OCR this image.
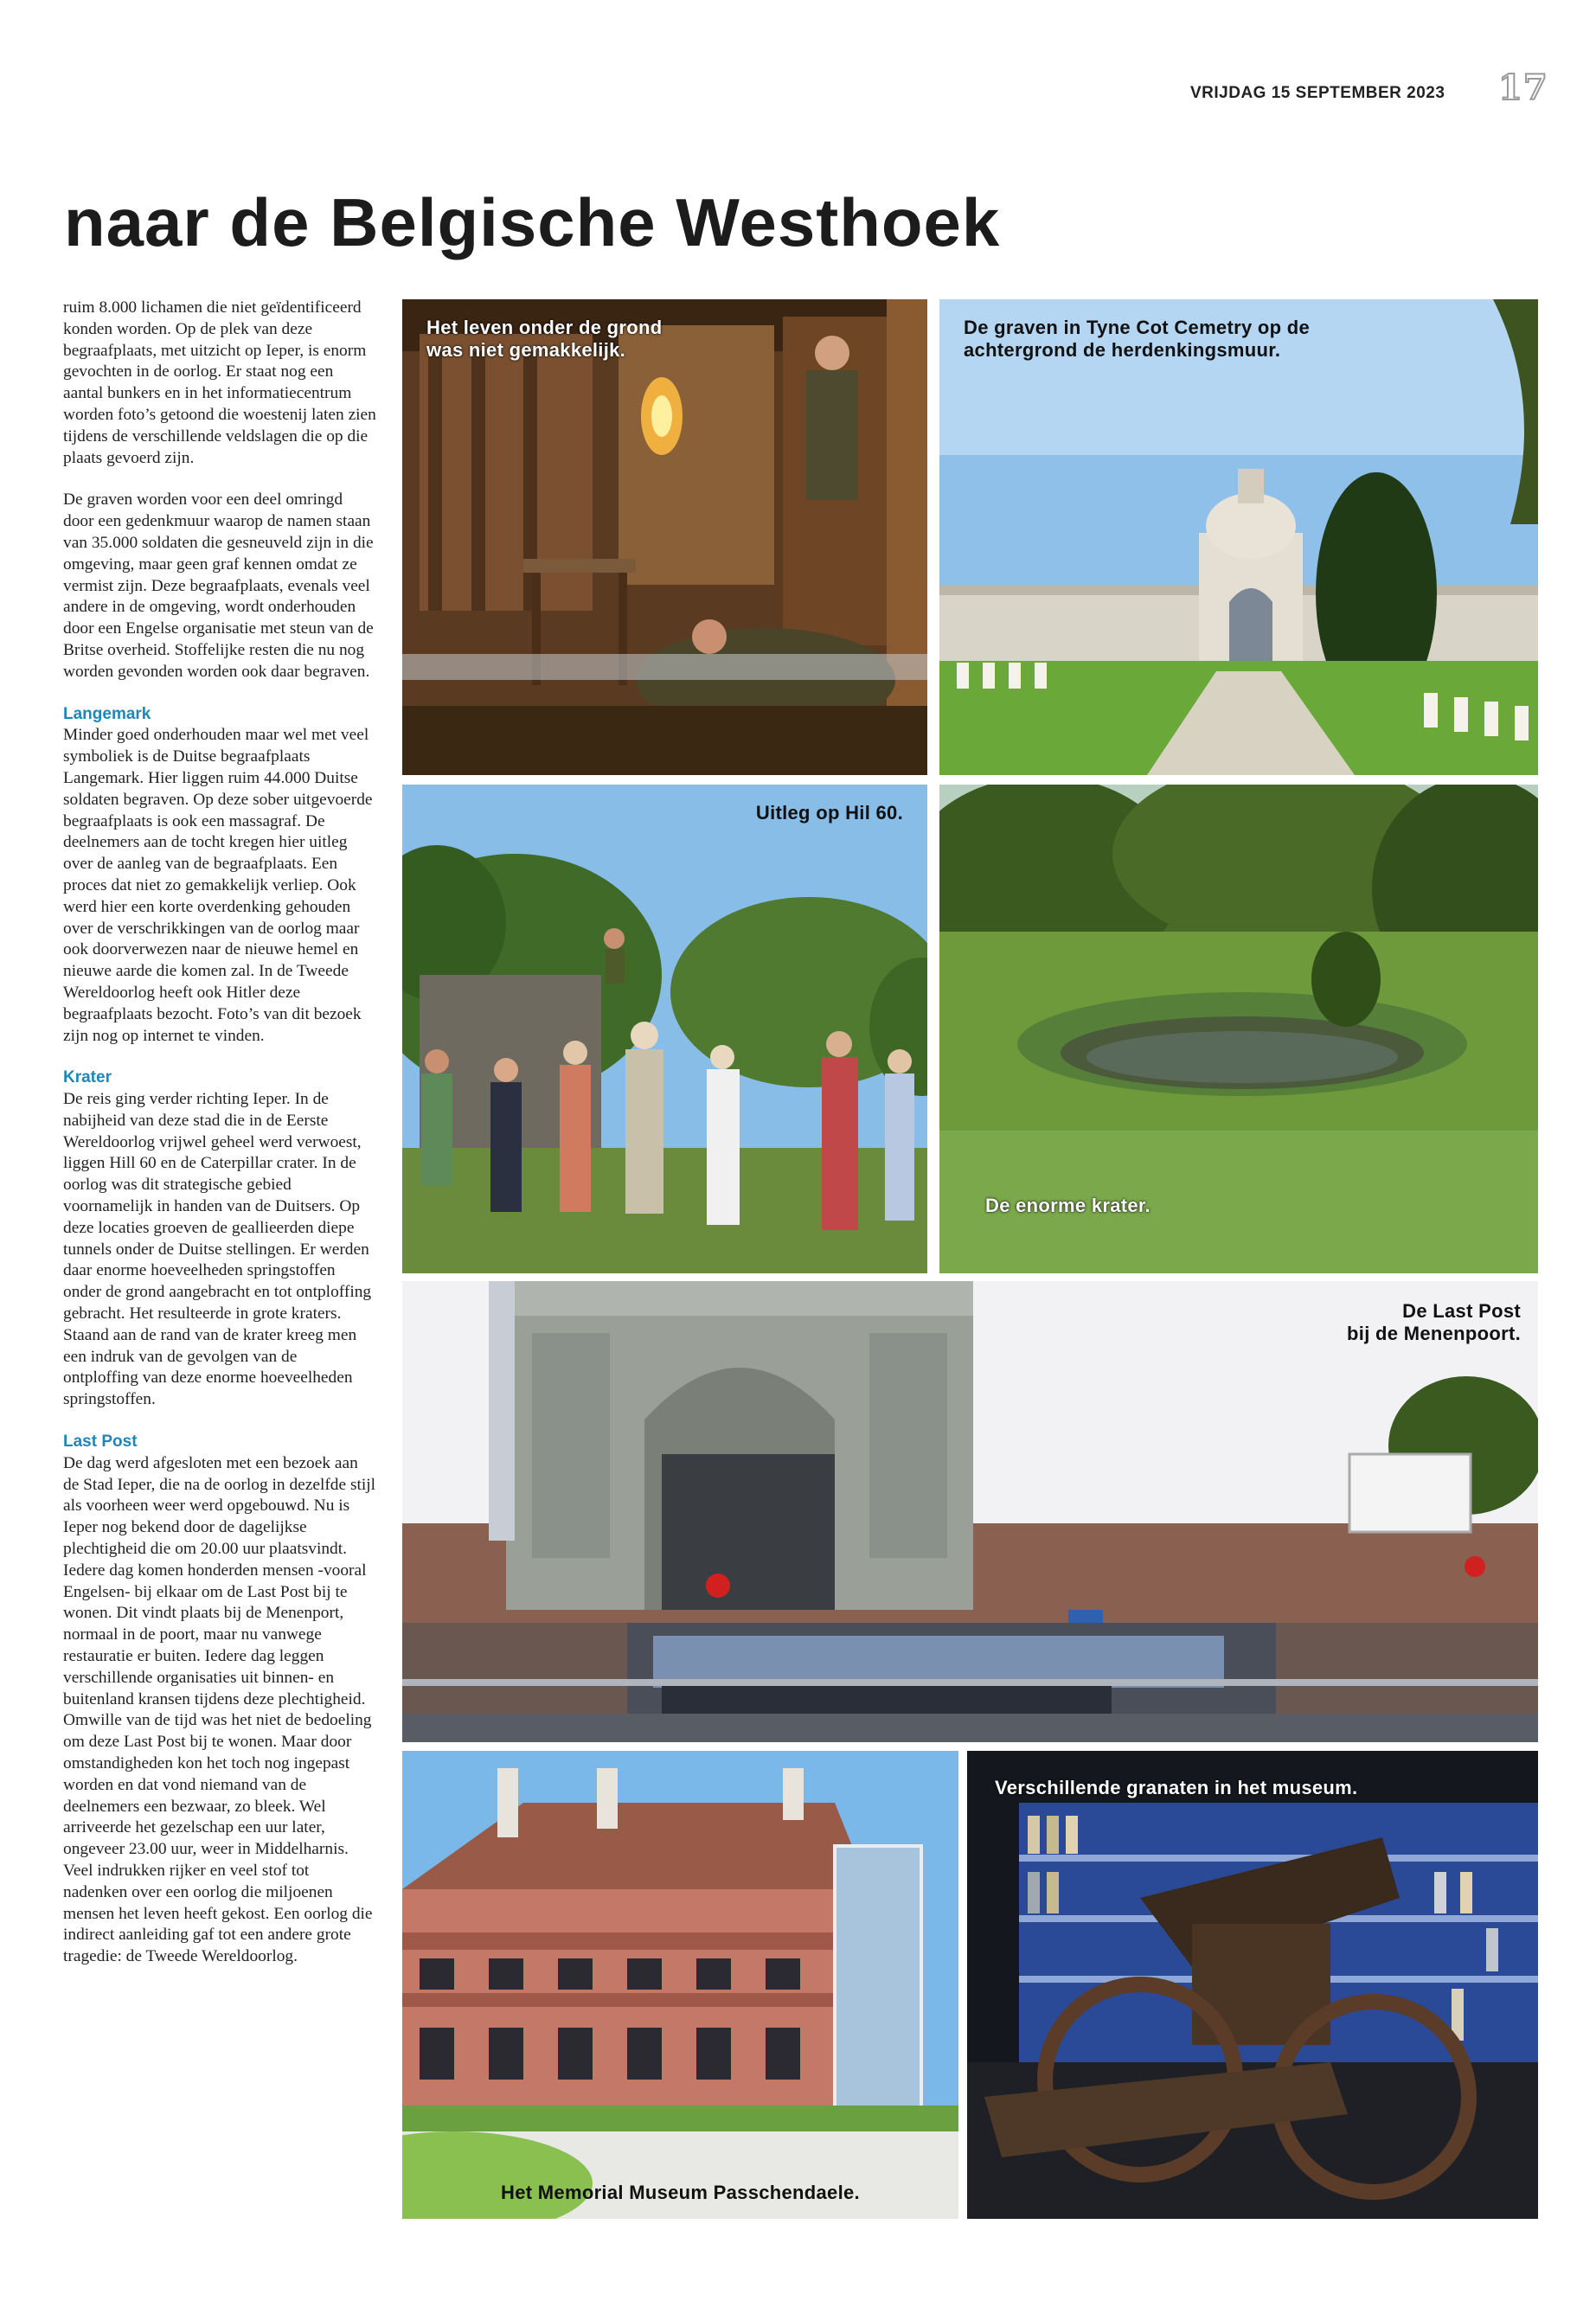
VRIJDAG 15 SEPTEMBER 2023 17
naar de Belgische Westhoek

ruim 8.000 lichamen die niet geïdentificeerd konden worden. Op de plek van deze begraafplaats, met uitzicht op Ieper, is enorm gevochten in de oorlog. Er staat nog een aantal bunkers en in het informatiecentrum worden foto’s getoond die woestenij laten zien tijdens de verschillende veldslagen die op die plaats gevoerd zijn.

De graven worden voor een deel omringd door een gedenkmuur waarop de namen staan van 35.000 soldaten die gesneuveld zijn in die omgeving, maar geen graf kennen omdat ze vermist zijn. Deze begraafplaats, evenals veel andere in de omgeving, wordt onderhouden door een Engelse organisatie met steun van de Britse overheid. Stoffelijke resten die nu nog worden gevonden worden ook daar begraven.

Langemark

Minder goed onderhouden maar wel met veel symboliek is de Duitse begraafplaats Langemark. Hier liggen ruim 44.000 Duitse soldaten begraven. Op deze sober uitgevoerde begraafplaats is ook een massagraf. De deelnemers aan de tocht kregen hier uitleg over de aanleg van de begraafplaats. Een proces dat niet zo gemakkelijk verliep. Ook werd hier een korte overdenking gehouden over de verschrikkingen van de oorlog maar ook doorverwezen naar de nieuwe hemel en nieuwe aarde die komen zal. In de Tweede Wereldoorlog heeft ook Hitler deze begraafplaats bezocht. Foto’s van dit bezoek zijn nog op internet te vinden.

Krater

De reis ging verder richting Ieper. In de nabijheid van deze stad die in de Eerste Wereldoorlog vrijwel geheel werd verwoest, liggen Hill 60 en de Caterpillar crater. In de oorlog was dit strategische gebied voornamelijk in handen van de Duitsers. Op deze locaties groeven de geallieerden diepe tunnels onder de Duitse stellingen. Er werden daar enorme hoeveelheden springstoffen onder de grond aangebracht en tot ontploffing gebracht. Het resulteerde in grote kraters. Staand aan de rand van de krater kreeg men een indruk van de gevolgen van de ontploffing van deze enorme hoeveelheden springstoffen.

Last Post

De dag werd afgesloten met een bezoek aan de Stad Ieper, die na de oorlog in dezelfde stijl als voorheen weer werd opgebouwd. Nu is Ieper nog bekend door de dagelijkse plechtigheid die om 20.00 uur plaatsvindt. Iedere dag komen honderden mensen -vooral Engelsen- bij elkaar om de Last Post bij te wonen. Dit vindt plaats bij de Menenport, normaal in de poort, maar nu vanwege restauratie er buiten. Iedere dag leggen verschillende organisaties uit binnen- en buitenland kransen tijdens deze plechtigheid. Omwille van de tijd was het niet de bedoeling om deze Last Post bij te wonen. Maar door omstandigheden kon het toch nog ingepast worden en dat vond niemand van de deelnemers een bezwaar, zo bleek. Wel arriveerde het gezelschap een uur later, ongeveer 23.00 uur, weer in Middelharnis. Veel indrukken rijker en veel stof tot nadenken over een oorlog die miljoenen mensen het leven heeft gekost. Een oorlog die indirect aanleiding gaf tot een andere grote tragedie: de Tweede Wereldoorlog.

Het leven onder de grond
was niet gemakkelijk.
De graven in Tyne Cot Cemetry op de
achtergrond de herdenkingsmuur.
Uitleg op Hil 60.
De enorme krater.
De Last Post
bij de Menenpoort.
Het Memorial Museum Passchendaele.
Verschillende granaten in het museum.
